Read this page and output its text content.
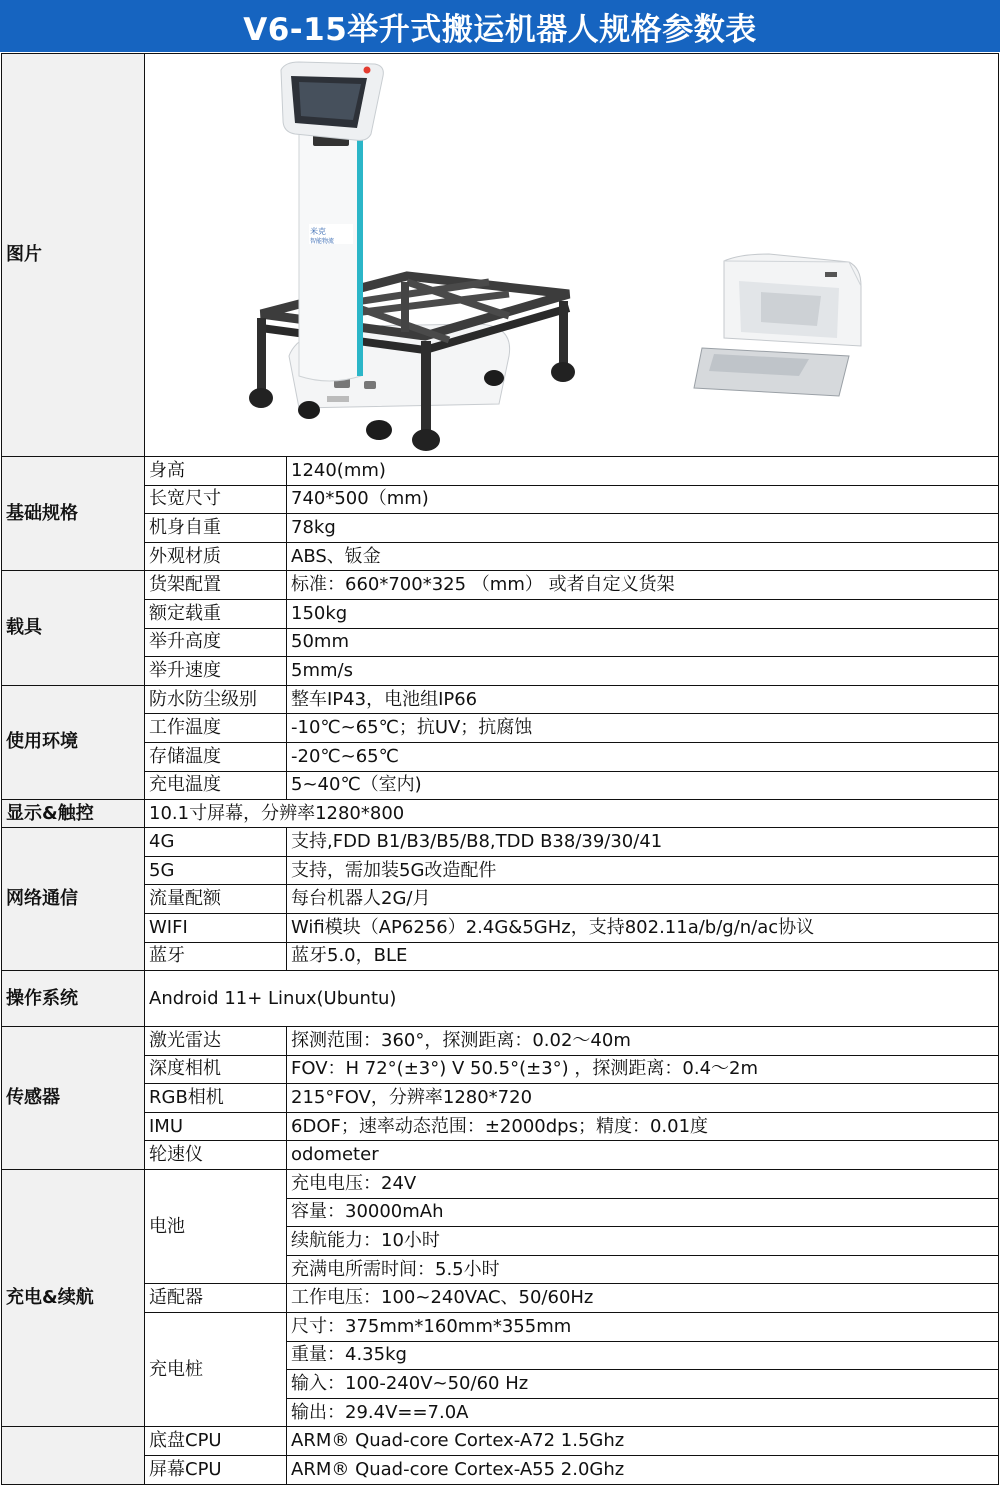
V6-15举升式搬运机器人规格参数表
图片	米克
智能物流	

基础规格	身高	1240(mm)
	长宽尺寸	740*500（mm)
	机身自重	78kg
	外观材质	ABS、钣金
载具	货架配置	标准：660*700*325 （mm） 或者自定义货架
	额定载重	150kg
	举升高度	50mm
	举升速度	5mm/s
使用环境	防水防尘级别	整车IP43，电池组IP66
	工作温度	-10℃~65℃；抗UV；抗腐蚀
	存储温度	-20℃~65℃
	充电温度	5~40℃（室内)
显示&触控	10.1寸屏幕，分辨率1280*800	
网络通信	4G	支持,FDD B1/B3/B5/B8,TDD B38/39/30/41
	5G	支持，需加装5G改造配件
	流量配额	每台机器人2G/月
	WIFI	Wifi模块（AP6256）2.4G&5GHz，支持802.11a/b/g/n/ac协议
	蓝牙	蓝牙5.0，BLE
操作系统	Android 11+ Linux(Ubuntu)	
传感器	激光雷达	探测范围：360°，探测距离：0.02～40m
	深度相机	FOV：H 72°(±3°) V 50.5°(±3°) ，探测距离：0.4～2m
	RGB相机	215°FOV，分辨率1280*720
	IMU	6DOF；速率动态范围：±2000dps；精度：0.01度
	轮速仪	odometer
充电&续航	电池	充电电压：24V
		容量：30000mAh
		续航能力：10小时
		充满电所需时间：5.5小时
	适配器	工作电压：100~240VAC、50/60Hz
	充电桩	尺寸：375mm*160mm*355mm
		重量：4.35kg
		输入：100-240V~50/60 Hz
		输出：29.4V==7.0A
	底盘CPU	ARM® Quad-core Cortex-A72 1.5Ghz
	屏幕CPU	ARM® Quad-core Cortex-A55 2.0Ghz
